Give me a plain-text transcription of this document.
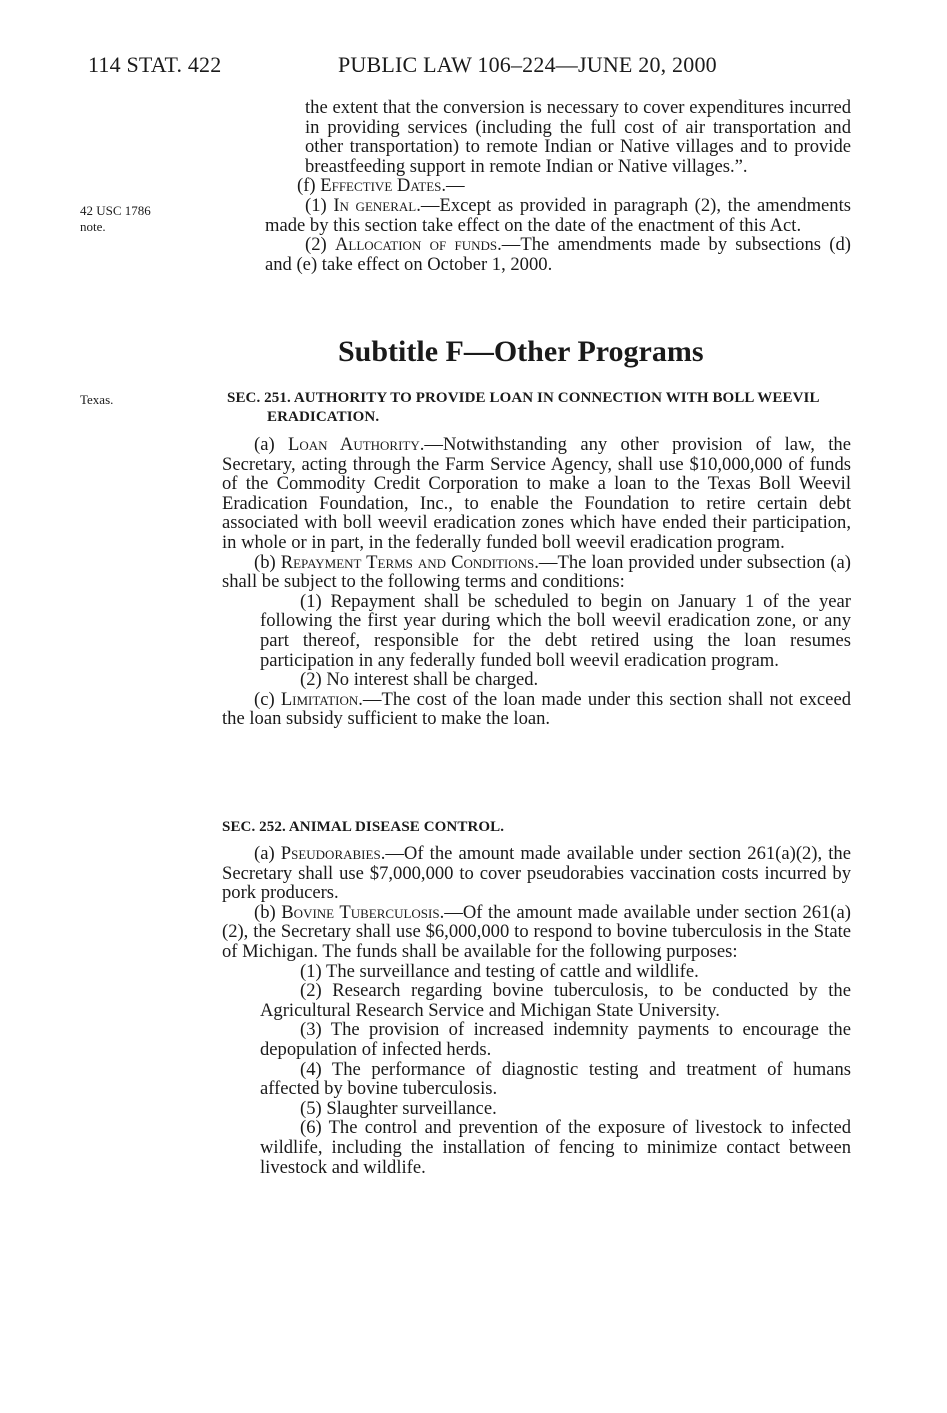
114 STAT. 422	PUBLIC LAW 106–224—JUNE 20, 2000
42 USC 1786
note.

the extent that the conversion is necessary to cover expenditures incurred in providing services (including the full cost of air transportation and other transportation) to remote Indian or Native villages and to provide breastfeeding support in remote Indian or Native villages.”.

(f) Effective Dates.—

(1) In general.—Except as provided in paragraph (2), the amendments made by this section take effect on the date of the enactment of this Act.

(2) Allocation of funds.—The amendments made by subsections (d) and (e) take effect on October 1, 2000.

Subtitle F—Other Programs
Texas.	SEC. 251. AUTHORITY TO PROVIDE LOAN IN CONNECTION WITH BOLL WEEVIL ERADICATION.

(a) Loan Authority.—Notwithstanding any other provision of law, the Secretary, acting through the Farm Service Agency, shall use $10,000,000 of funds of the Commodity Credit Corporation to make a loan to the Texas Boll Weevil Eradication Foundation, Inc., to enable the Foundation to retire certain debt associated with boll weevil eradication zones which have ended their participation, in whole or in part, in the federally funded boll weevil eradication program.

(b) Repayment Terms and Conditions.—The loan provided under subsection (a) shall be subject to the following terms and conditions:

(1) Repayment shall be scheduled to begin on January 1 of the year following the first year during which the boll weevil eradication zone, or any part thereof, responsible for the debt retired using the loan resumes participation in any federally funded boll weevil eradication program.

(2) No interest shall be charged.

(c) Limitation.—The cost of the loan made under this section shall not exceed the loan subsidy sufficient to make the loan.

SEC. 252. ANIMAL DISEASE CONTROL.

(a) Pseudorabies.—Of the amount made available under section 261(a)(2), the Secretary shall use $7,000,000 to cover pseudorabies vaccination costs incurred by pork producers.

(b) Bovine Tuberculosis.—Of the amount made available under section 261(a)(2), the Secretary shall use $6,000,000 to respond to bovine tuberculosis in the State of Michigan. The funds shall be available for the following purposes:

(1) The surveillance and testing of cattle and wildlife.

(2) Research regarding bovine tuberculosis, to be conducted by the Agricultural Research Service and Michigan State University.

(3) The provision of increased indemnity payments to encourage the depopulation of infected herds.

(4) The performance of diagnostic testing and treatment of humans affected by bovine tuberculosis.

(5) Slaughter surveillance.

(6) The control and prevention of the exposure of livestock to infected wildlife, including the installation of fencing to minimize contact between livestock and wildlife.
